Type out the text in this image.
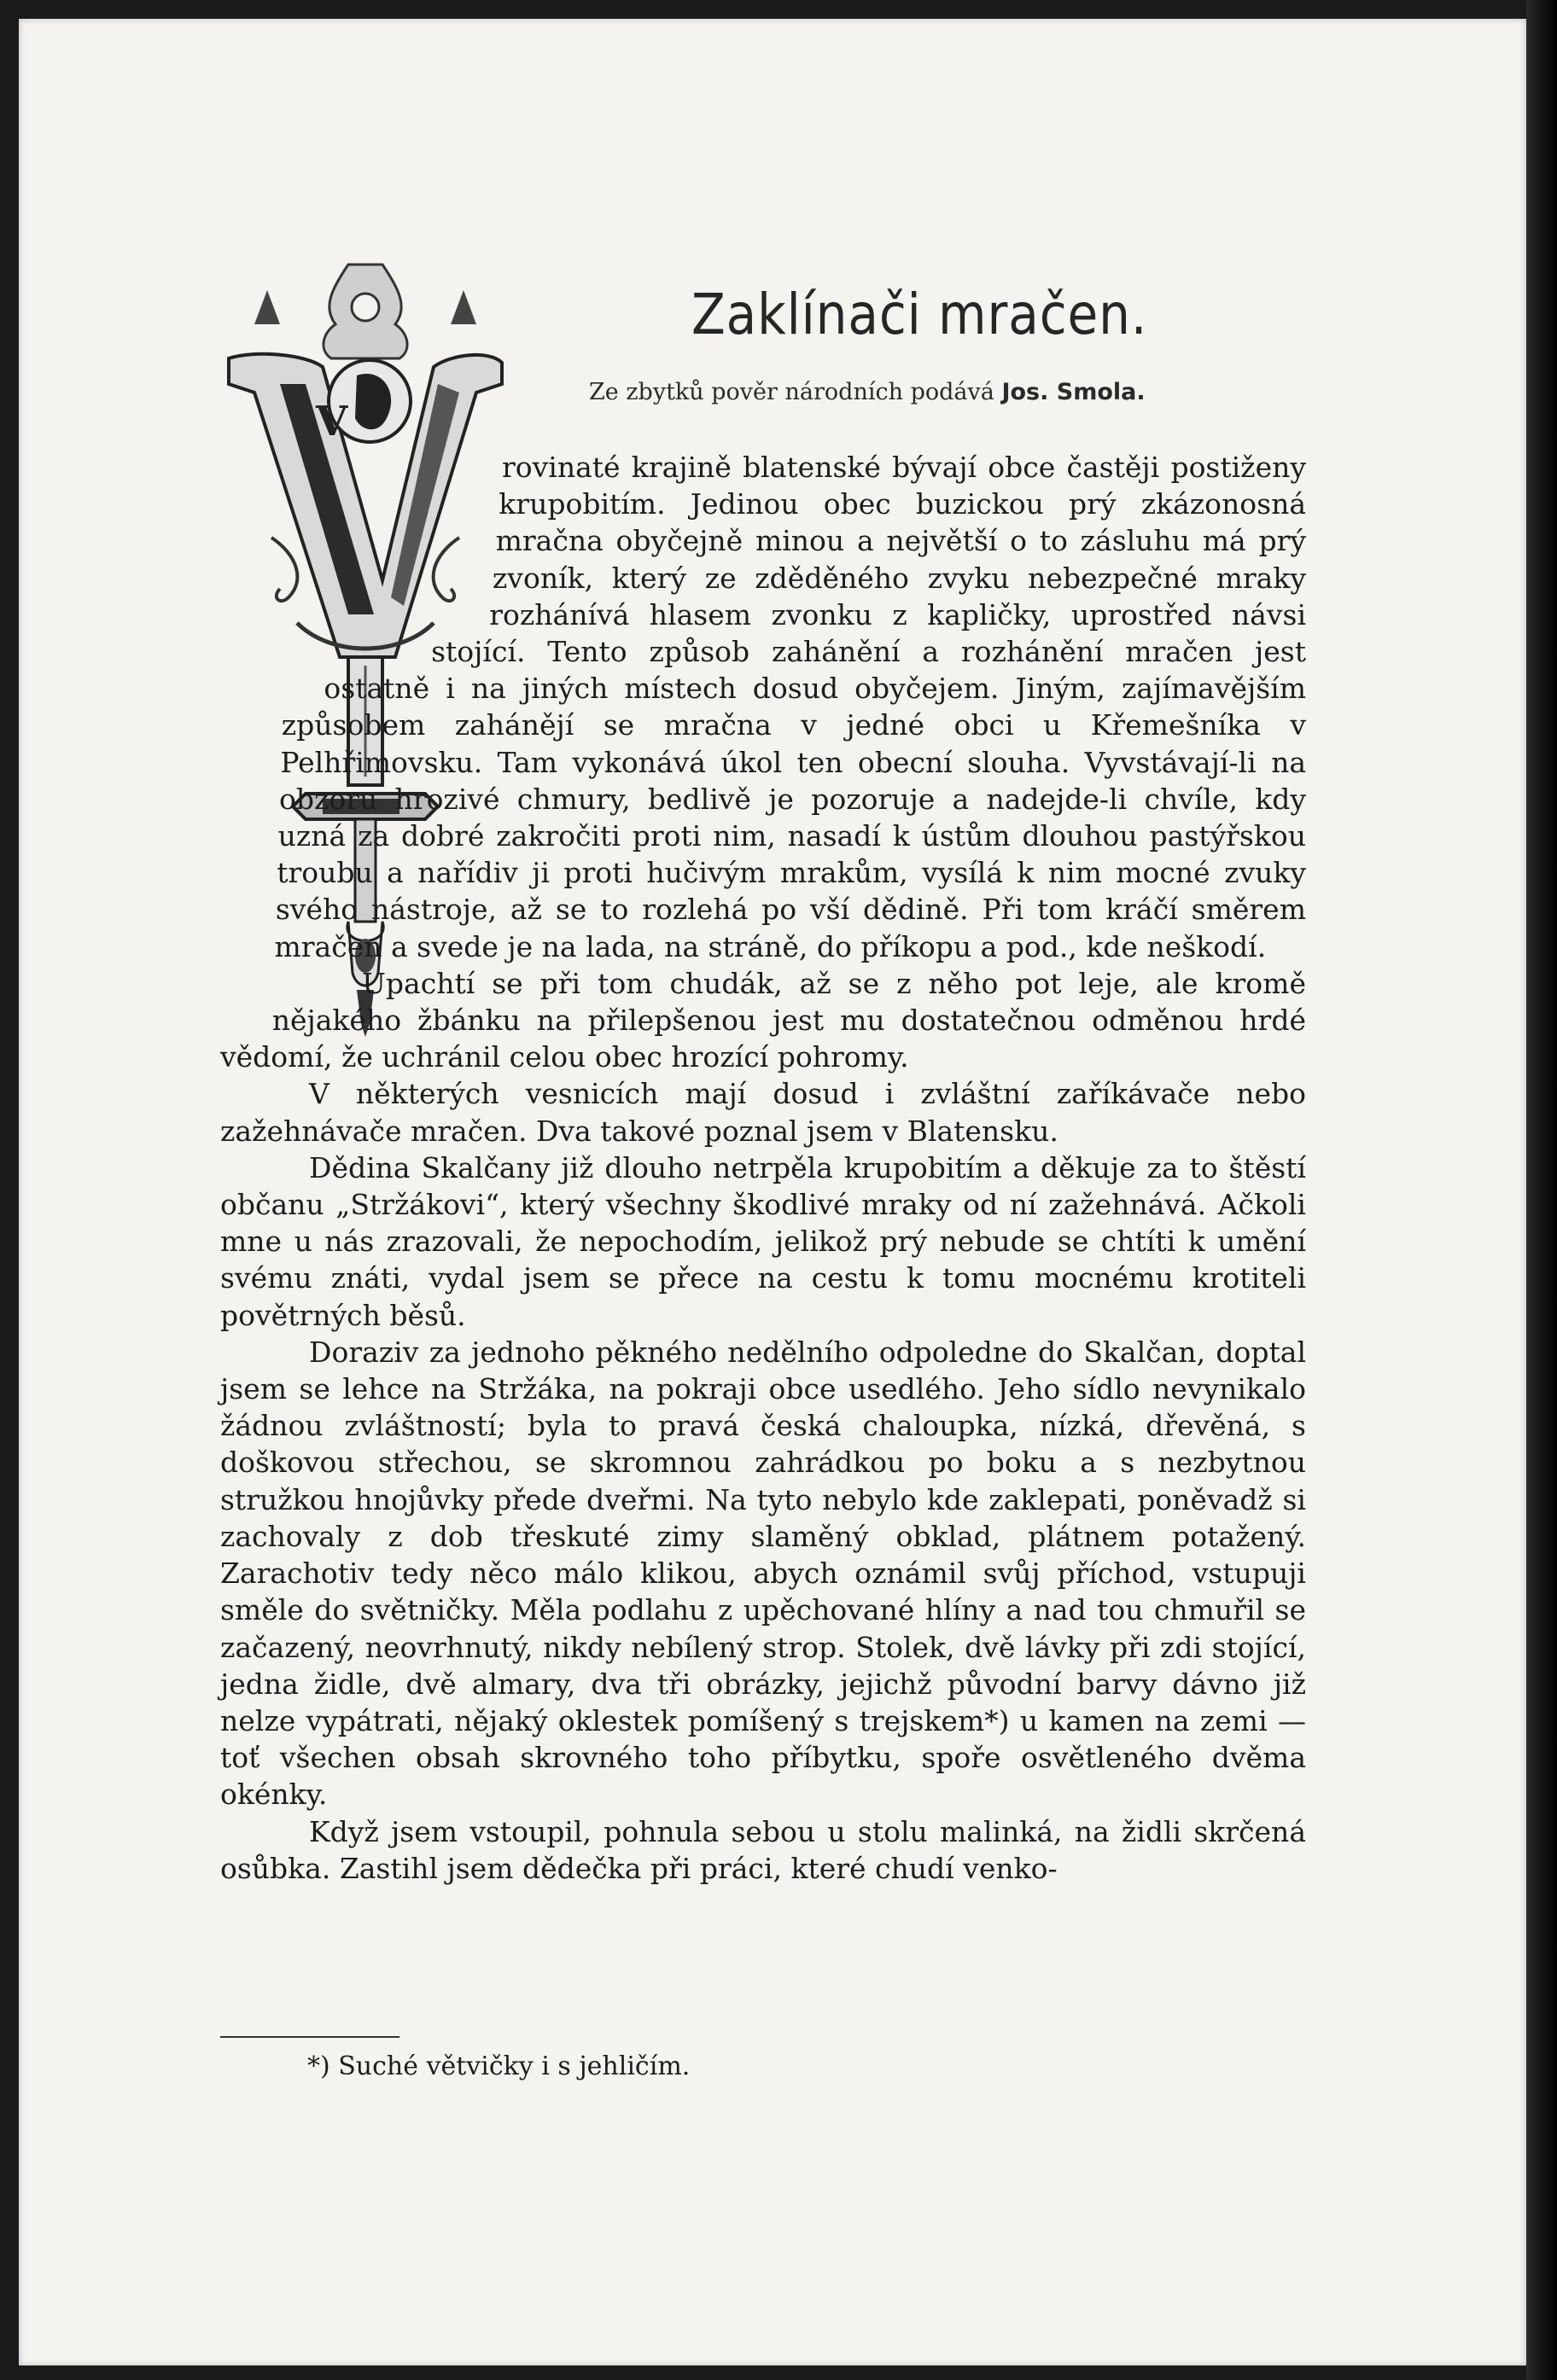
Zaklínači mračen.
Ze zbytků pověr národních podává Jos. Smola.
V

rovinaté krajině blatenské bývají obce častěji postiženy krupobitím. Jedinou obec buzickou prý zkázonosná mračna obyčejně minou a největší o to zásluhu má prý zvoník, který ze zděděného zvyku nebezpečné mraky rozhánívá hlasem zvonku z kapličky, uprostřed návsi stojící. Tento způsob zahánění a rozhánění mračen jest ostatně i na jiných místech dosud obyčejem. Jiným, zajímavějším způsobem zahánějí se mračna v jedné obci u Křemešníka v Pelhřimovsku. Tam vykonává úkol ten obecní slouha. Vyvstávají-li na obzoru hrozivé chmury, bedlivě je pozoruje a nadejde-li chvíle, kdy uzná za dobré zakročiti proti nim, nasadí k ústům dlouhou pastýřskou troubu a nařídiv ji proti hučivým mrakům, vysílá k nim mocné zvuky svého nástroje, až se to rozlehá po vší dědině. Při tom kráčí směrem mračen a svede je na lada, na stráně, do příkopu a pod., kde neškodí.

Upachtí se při tom chudák, až se z něho pot leje, ale kromě nějakého žbánku na přilepšenou jest mu dostatečnou odměnou hrdé vědomí, že uchránil celou obec hrozící pohromy.

V některých vesnicích mají dosud i zvláštní zaříkávače nebo zažehnávače mračen. Dva takové poznal jsem v Blatensku.

Dědina Skalčany již dlouho netrpěla krupobitím a děkuje za to štěstí občanu „Stržákovi“, který všechny škodlivé mraky od ní zažehnává. Ačkoli mne u nás zrazovali, že nepochodím, jelikož prý nebude se chtíti k umění svému znáti, vydal jsem se přece na cestu k tomu mocnému krotiteli povětrných běsů.

Doraziv za jednoho pěkného nedělního odpoledne do Skalčan, doptal jsem se lehce na Stržáka, na pokraji obce usedlého. Jeho sídlo nevynikalo žádnou zvláštností; byla to pravá česká chaloupka, nízká, dřevěná, s doškovou střechou, se skromnou zahrádkou po boku a s nezbytnou stružkou hnojůvky přede dveřmi. Na tyto nebylo kde zaklepati, poněvadž si zachovaly z dob třeskuté zimy slaměný obklad, plátnem potažený. Zarachotiv tedy něco málo klikou, abych oznámil svůj příchod, vstupuji směle do světničky. Měla podlahu z upěchované hlíny a nad tou chmuřil se začazený, neovrhnutý, nikdy nebílený strop. Stolek, dvě lávky při zdi stojící, jedna židle, dvě almary, dva tři obrázky, jejichž původní barvy dávno již nelze vypátrati, nějaký oklestek pomíšený s trejskem*) u kamen na zemi — toť všechen obsah skrovného toho příbytku, spoře osvětleného dvěma okénky.

Když jsem vstoupil, pohnula sebou u stolu malinká, na židli skrčená osůbka. Zastihl jsem dědečka při práci, které chudí venko-

*) Suché větvičky i s jehličím.
